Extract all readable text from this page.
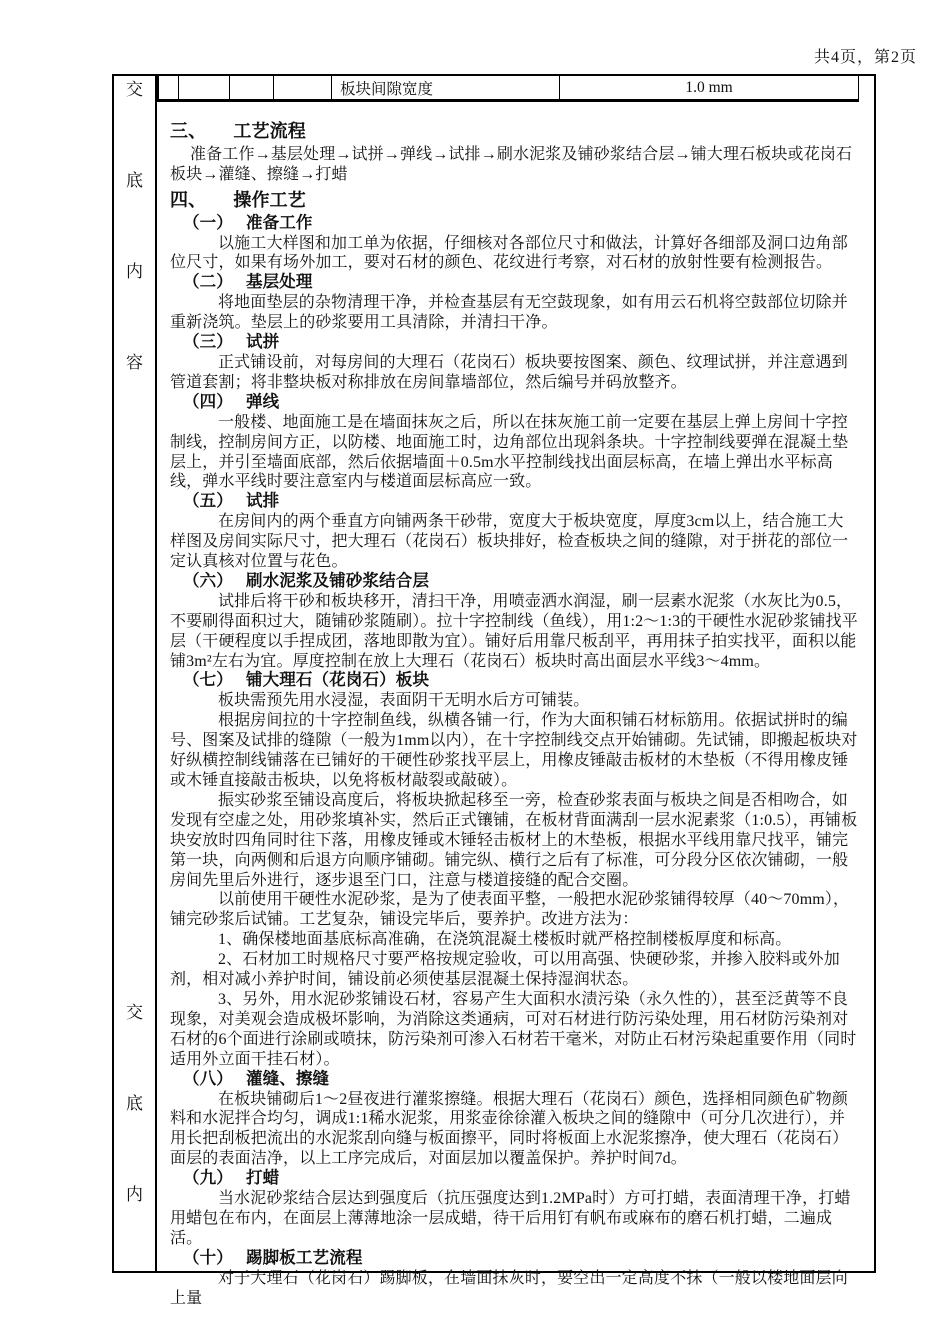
共4页，第2页
交
底
内
容
交
底
内
板块间隙宽度	1.0 mm
三、 工艺流程

准备工作→基层处理→试拼→弹线→试排→刷水泥浆及铺砂浆结合层→铺大理石板块或花岗石板块→灌缝、擦缝→打蜡

四、 操作工艺
（一） 准备工作

以施工大样图和加工单为依据，仔细核对各部位尺寸和做法，计算好各细部及洞口边角部位尺寸，如果有场外加工，要对石材的颜色、花纹进行考察，对石材的放射性要有检测报告。

（二） 基层处理

将地面垫层的杂物清理干净，并检查基层有无空鼓现象，如有用云石机将空鼓部位切除并重新浇筑。垫层上的砂浆要用工具清除，并清扫干净。

（三） 试拼

正式铺设前，对每房间的大理石（花岗石）板块要按图案、颜色、纹理试拼，并注意遇到管道套割；将非整块板对称排放在房间靠墙部位，然后编号并码放整齐。

（四） 弹线

一般楼、地面施工是在墙面抹灰之后，所以在抹灰施工前一定要在基层上弹上房间十字控制线，控制房间方正，以防楼、地面施工时，边角部位出现斜条块。十字控制线要弹在混凝土垫层上，并引至墙面底部，然后依据墙面＋0.5m水平控制线找出面层标高，在墙上弹出水平标高线，弹水平线时要注意室内与楼道面层标高应一致。

（五） 试排

在房间内的两个垂直方向铺两条干砂带，宽度大于板块宽度，厚度3cm以上，结合施工大样图及房间实际尺寸，把大理石（花岗石）板块排好，检查板块之间的缝隙，对于拼花的部位一定认真核对位置与花色。

（六） 刷水泥浆及铺砂浆结合层

试排后将干砂和板块移开，清扫干净，用喷壶洒水润湿，刷一层素水泥浆（水灰比为0.5，不要刷得面积过大，随铺砂浆随刷）。拉十字控制线（鱼线），用1:2～1:3的干硬性水泥砂浆铺找平层（干硬程度以手捏成团，落地即散为宜）。铺好后用靠尺板刮平，再用抹子拍实找平，面积以能铺3m²左右为宜。厚度控制在放上大理石（花岗石）板块时高出面层水平线3～4mm。

（七） 铺大理石（花岗石）板块

板块需预先用水浸湿，表面阴干无明水后方可铺装。

根据房间拉的十字控制鱼线，纵横各铺一行，作为大面积铺石材标筋用。依据试拼时的编号、图案及试排的缝隙（一般为1mm以内），在十字控制线交点开始铺砌。先试铺，即搬起板块对好纵横控制线铺落在已铺好的干硬性砂浆找平层上，用橡皮锤敲击板材的木垫板（不得用橡皮锤或木锤直接敲击板块，以免将板材敲裂或敲破）。

振实砂浆至铺设高度后，将板块掀起移至一旁，检查砂浆表面与板块之间是否相吻合，如发现有空虚之处，用砂浆填补实，然后正式镶铺，在板材背面满刮一层水泥素浆（1:0.5），再铺板块安放时四角同时往下落，用橡皮锤或木锤轻击板材上的木垫板，根据水平线用靠尺找平，铺完第一块，向两侧和后退方向顺序铺砌。铺完纵、横行之后有了标准，可分段分区依次铺砌，一般房间先里后外进行，逐步退至门口，注意与楼道接缝的配合交圈。

以前使用干硬性水泥砂浆，是为了使表面平整，一般把水泥砂浆铺得较厚（40～70mm），铺完砂浆后试铺。工艺复杂，铺设完毕后，要养护。改进方法为：

1、确保楼地面基底标高准确，在浇筑混凝土楼板时就严格控制楼板厚度和标高。

2、石材加工时规格尺寸要严格按规定验收，可以用高强、快硬砂浆，并掺入胶料或外加剂，相对减小养护时间，铺设前必须使基层混凝土保持湿润状态。

3、另外，用水泥砂浆铺设石材，容易产生大面积水渍污染（永久性的），甚至泛黄等不良现象，对美观会造成极坏影响，为消除这类通病，可对石材进行防污染处理，用石材防污染剂对石材的6个面进行涂刷或喷抹，防污染剂可渗入石材若干毫米，对防止石材污染起重要作用（同时适用外立面干挂石材）。

（八） 灌缝、擦缝

在板块铺砌后1～2昼夜进行灌浆擦缝。根据大理石（花岗石）颜色，选择相同颜色矿物颜料和水泥拌合均匀，调成1:1稀水泥浆，用浆壶徐徐灌入板块之间的缝隙中（可分几次进行），并用长把刮板把流出的水泥浆刮向缝与板面擦平，同时将板面上水泥浆擦净，使大理石（花岗石）面层的表面洁净，以上工序完成后，对面层加以覆盖保护。养护时间7d。

（九） 打蜡

当水泥砂浆结合层达到强度后（抗压强度达到1.2MPa时）方可打蜡，表面清理干净，打蜡用蜡包在布内，在面层上薄薄地涂一层成蜡，待干后用钉有帆布或麻布的磨石机打蜡，二遍成活。

（十） 踢脚板工艺流程

对于大理石（花岗石）踢脚板，在墙面抹灰时，要空出一定高度不抹（一般以楼地面层向上量
